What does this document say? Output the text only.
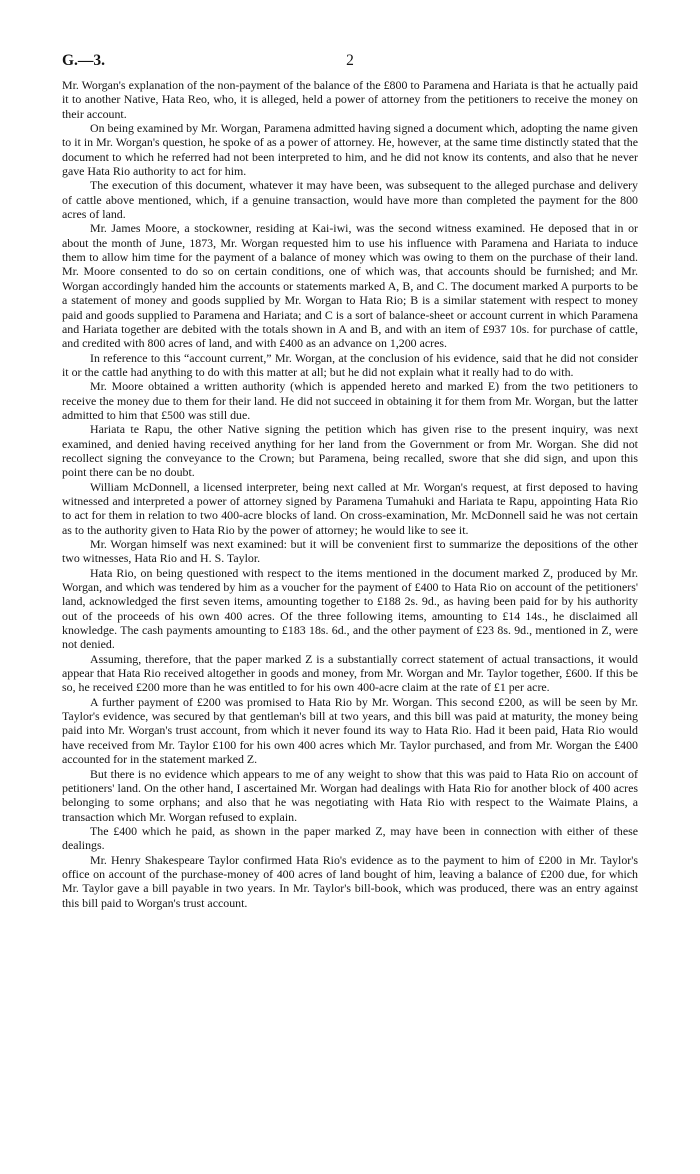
G.—3.	2

Mr. Worgan's explanation of the non-payment of the balance of the £800 to Paramena and Hariata is that he actually paid it to another Native, Hata Reo, who, it is alleged, held a power of attorney from the petitioners to receive the money on their account.

On being examined by Mr. Worgan, Paramena admitted having signed a document which, adopting the name given to it in Mr. Worgan's question, he spoke of as a power of attorney. He, however, at the same time distinctly stated that the document to which he referred had not been interpreted to him, and he did not know its contents, and also that he never gave Hata Rio authority to act for him.

The execution of this document, whatever it may have been, was subsequent to the alleged purchase and delivery of cattle above mentioned, which, if a genuine transaction, would have more than completed the payment for the 800 acres of land.

Mr. James Moore, a stockowner, residing at Kai-iwi, was the second witness examined. He deposed that in or about the month of June, 1873, Mr. Worgan requested him to use his influence with Paramena and Hariata to induce them to allow him time for the payment of a balance of money which was owing to them on the purchase of their land. Mr. Moore consented to do so on certain conditions, one of which was, that accounts should be furnished; and Mr. Worgan accordingly handed him the accounts or statements marked A, B, and C. The document marked A purports to be a statement of money and goods supplied by Mr. Worgan to Hata Rio; B is a similar statement with respect to money paid and goods supplied to Paramena and Hariata; and C is a sort of balance-sheet or account current in which Paramena and Hariata together are debited with the totals shown in A and B, and with an item of £937 10s. for purchase of cattle, and credited with 800 acres of land, and with £400 as an advance on 1,200 acres.

In reference to this “account current,” Mr. Worgan, at the conclusion of his evidence, said that he did not consider it or the cattle had anything to do with this matter at all; but he did not explain what it really had to do with.

Mr. Moore obtained a written authority (which is appended hereto and marked E) from the two petitioners to receive the money due to them for their land. He did not succeed in obtaining it for them from Mr. Worgan, but the latter admitted to him that £500 was still due.

Hariata te Rapu, the other Native signing the petition which has given rise to the present inquiry, was next examined, and denied having received anything for her land from the Government or from Mr. Worgan. She did not recollect signing the conveyance to the Crown; but Paramena, being recalled, swore that she did sign, and upon this point there can be no doubt.

William McDonnell, a licensed interpreter, being next called at Mr. Worgan's request, at first deposed to having witnessed and interpreted a power of attorney signed by Paramena Tumahuki and Hariata te Rapu, appointing Hata Rio to act for them in relation to two 400-acre blocks of land. On cross-examination, Mr. McDonnell said he was not certain as to the authority given to Hata Rio by the power of attorney; he would like to see it.

Mr. Worgan himself was next examined: but it will be convenient first to summarize the depositions of the other two witnesses, Hata Rio and H. S. Taylor.

Hata Rio, on being questioned with respect to the items mentioned in the document marked Z, produced by Mr. Worgan, and which was tendered by him as a voucher for the payment of £400 to Hata Rio on account of the petitioners' land, acknowledged the first seven items, amounting together to £188 2s. 9d., as having been paid for by his authority out of the proceeds of his own 400 acres. Of the three following items, amounting to £14 14s., he disclaimed all knowledge. The cash payments amounting to £183 18s. 6d., and the other payment of £23 8s. 9d., mentioned in Z, were not denied.

Assuming, therefore, that the paper marked Z is a substantially correct statement of actual transactions, it would appear that Hata Rio received altogether in goods and money, from Mr. Worgan and Mr. Taylor together, £600. If this be so, he received £200 more than he was entitled to for his own 400-acre claim at the rate of £1 per acre.

A further payment of £200 was promised to Hata Rio by Mr. Worgan. This second £200, as will be seen by Mr. Taylor's evidence, was secured by that gentleman's bill at two years, and this bill was paid at maturity, the money being paid into Mr. Worgan's trust account, from which it never found its way to Hata Rio. Had it been paid, Hata Rio would have received from Mr. Taylor £100 for his own 400 acres which Mr. Taylor purchased, and from Mr. Worgan the £400 accounted for in the statement marked Z.

But there is no evidence which appears to me of any weight to show that this was paid to Hata Rio on account of petitioners' land. On the other hand, I ascertained Mr. Worgan had dealings with Hata Rio for another block of 400 acres belonging to some orphans; and also that he was negotiating with Hata Rio with respect to the Waimate Plains, a transaction which Mr. Worgan refused to explain.

The £400 which he paid, as shown in the paper marked Z, may have been in connection with either of these dealings.

Mr. Henry Shakespeare Taylor confirmed Hata Rio's evidence as to the payment to him of £200 in Mr. Taylor's office on account of the purchase-money of 400 acres of land bought of him, leaving a balance of £200 due, for which Mr. Taylor gave a bill payable in two years. In Mr. Taylor's bill-book, which was produced, there was an entry against this bill paid to Worgan's trust account.
